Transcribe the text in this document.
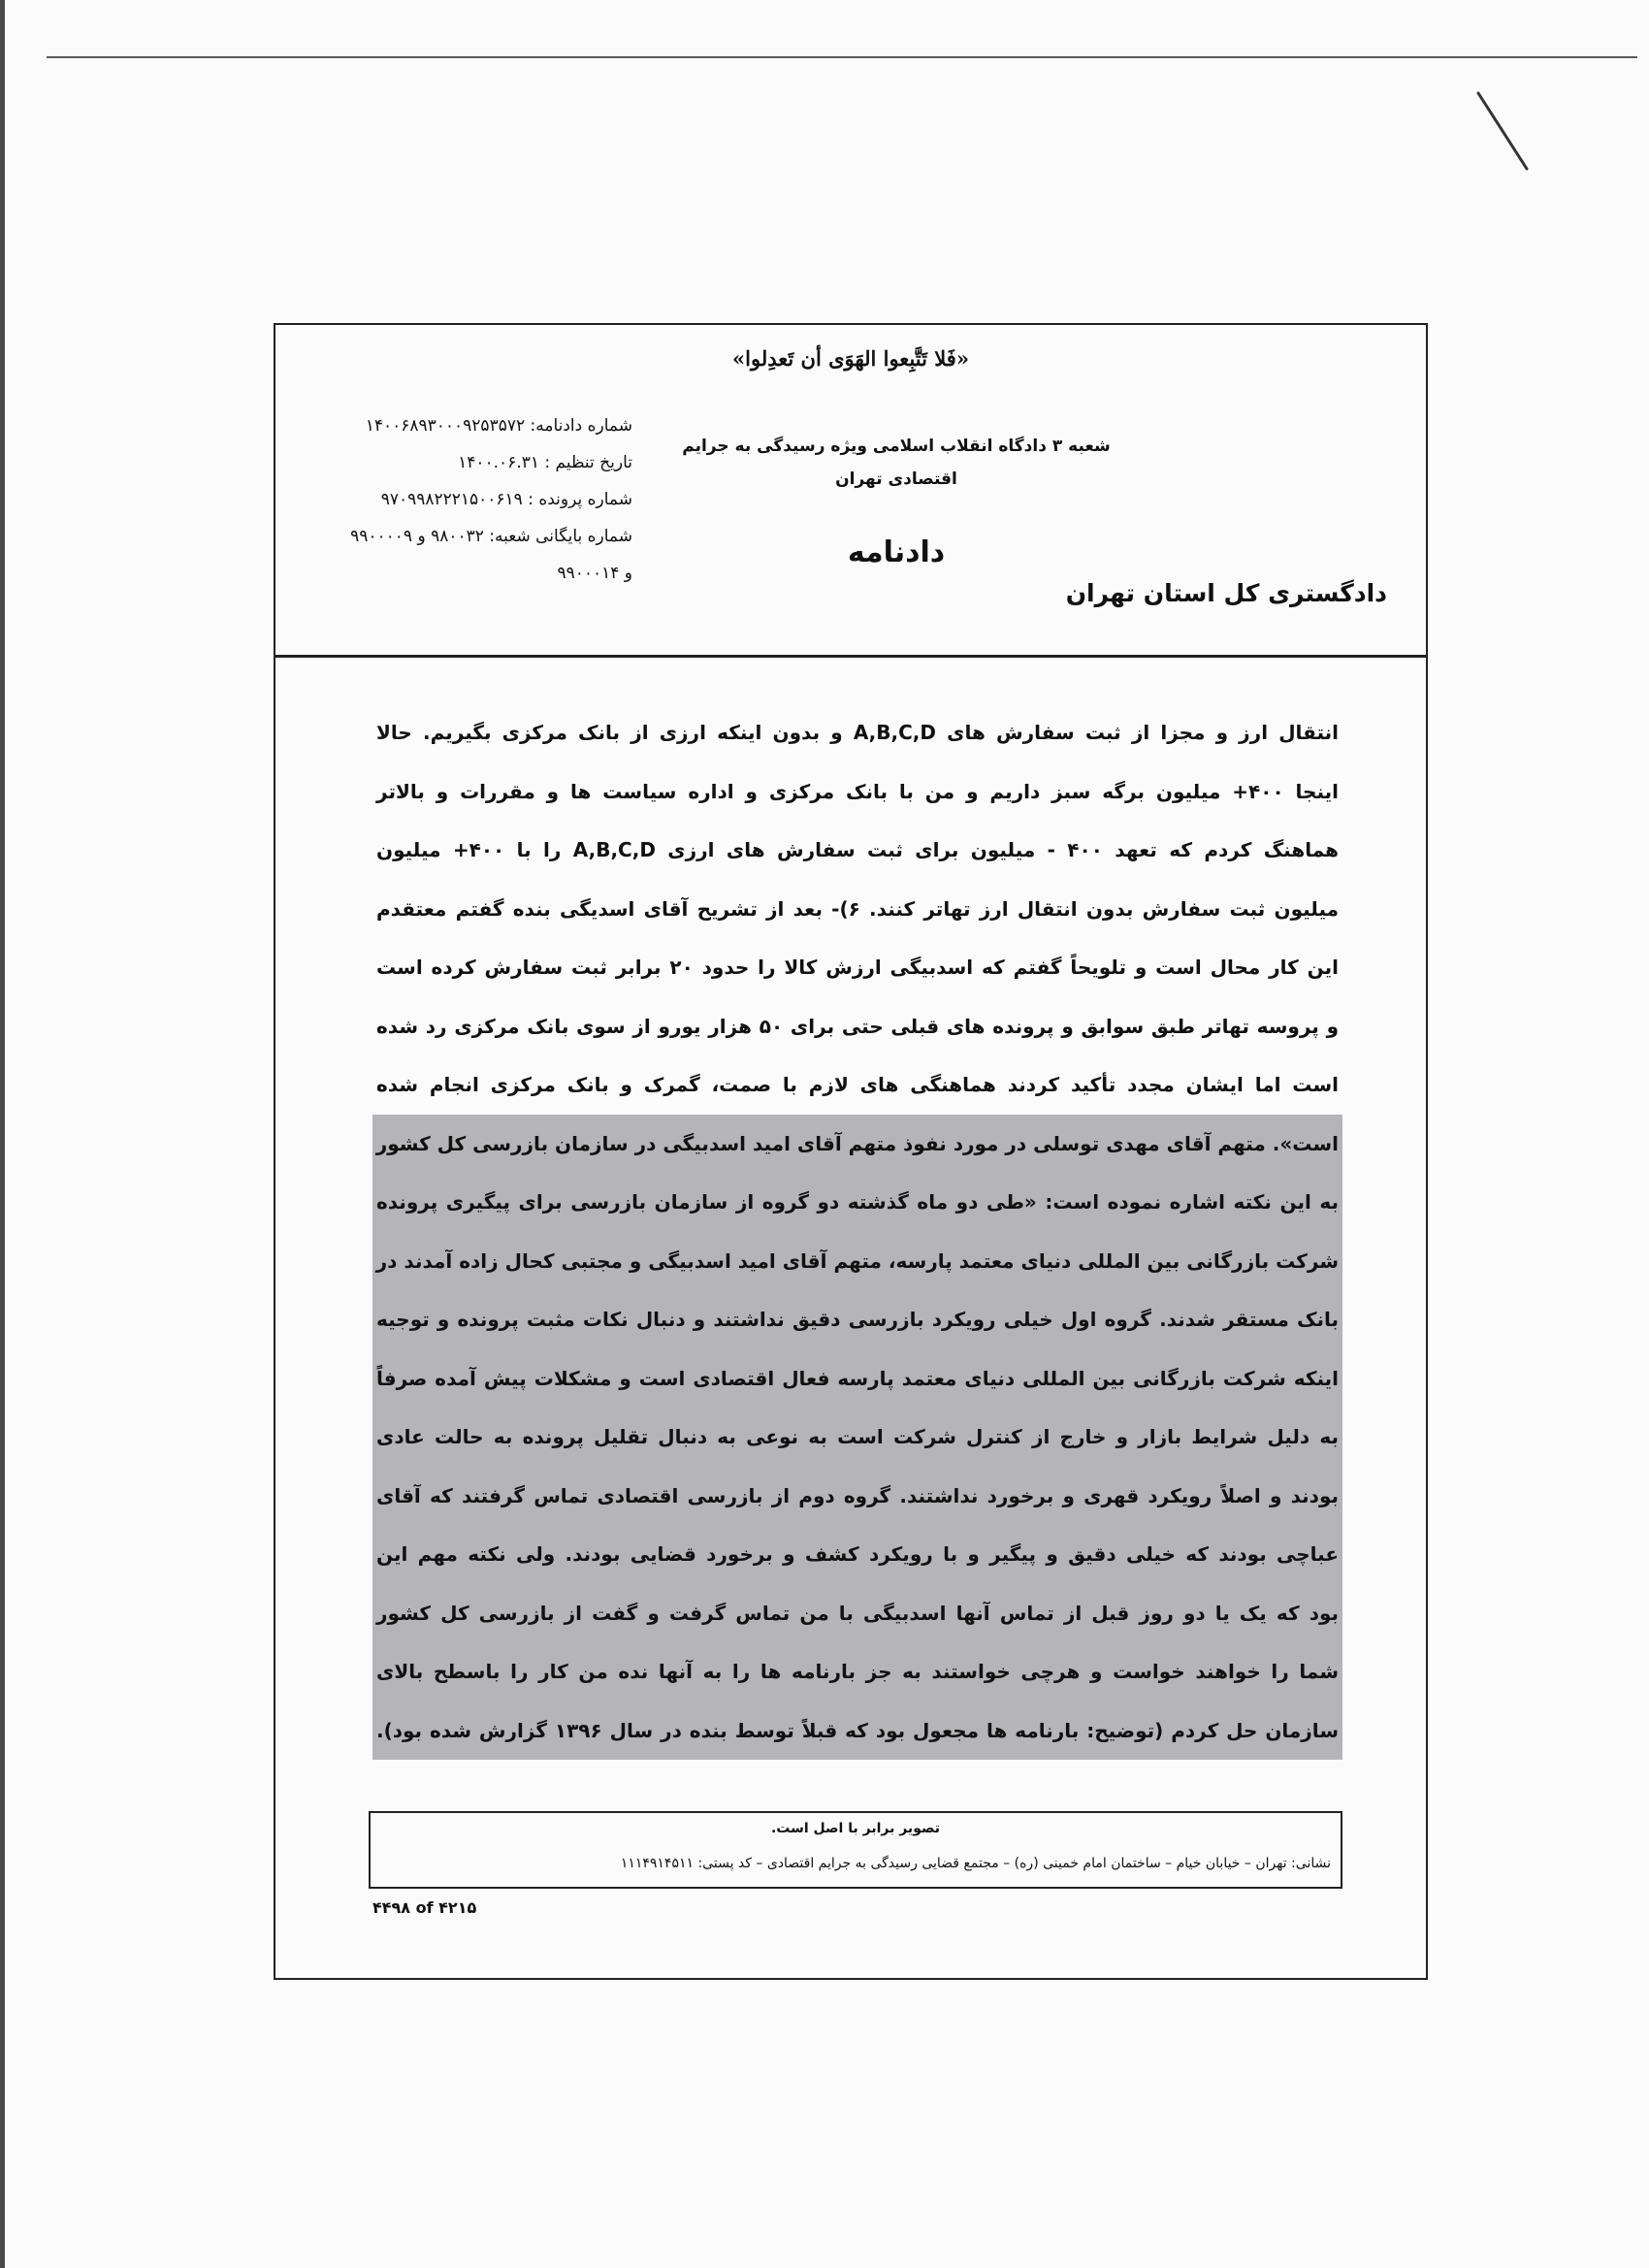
«فَلا تَتَّبِعوا الهَوَى أن تَعدِلوا»
شماره دادنامه: ۱۴۰۰۶۸۹۳۰۰۰۹۲۵۳۵۷۲
تاریخ تنظیم : ۱۴۰۰.۰۶.۳۱
شماره پرونده : ۹۷۰۹۹۸۲۲۲۱۵۰۰۶۱۹
شماره بایگانی شعبه: ۹۸۰۰۳۲ و ۹۹۰۰۰۰۹
و ۹۹۰۰۰۱۴
شعبه ۳ دادگاه انقلاب اسلامی ویژه رسیدگی به جرایم
اقتصادی تهران
دادنامه
دادگستری کل استان تهران
انتقال ارز و مجزا از ثبت سفارش های A,B,C,D و بدون اینکه ارزی از بانک مرکزی بگیریم. حالا
اینجا ۴۰۰+ میلیون برگه سبز داریم و من با بانک مرکزی و اداره سیاست ها و مقررات و بالاتر
هماهنگ کردم که تعهد ۴۰۰ - میلیون برای ثبت سفارش های ارزی A,B,C,D را با ۴۰۰+ میلیون
میلیون ثبت سفارش بدون انتقال ارز تهاتر کنند. ۶)- بعد از تشریح آقای اسدیگی بنده گفتم معتقدم
این کار محال است و تلویحاً گفتم که اسدبیگی ارزش کالا را حدود ۲۰ برابر ثبت سفارش کرده است
و پروسه تهاتر طبق سوابق و پرونده های قبلی حتی برای ۵۰ هزار یورو از سوی بانک مرکزی رد شده
است اما ایشان مجدد تأکید کردند هماهنگی های لازم با صمت، گمرک و بانک مرکزی انجام شده
است». متهم آقای مهدی توسلی در مورد نفوذ متهم آقای امید اسدبیگی در سازمان بازرسی کل کشور
به این نکته اشاره نموده است: «طی دو ماه گذشته دو گروه از سازمان بازرسی برای پیگیری پرونده
شرکت بازرگانی بین المللی دنیای معتمد پارسه، متهم آقای امید اسدبیگی و مجتبی کحال زاده آمدند در
بانک مستقر شدند. گروه اول خیلی رویکرد بازرسی دقیق نداشتند و دنبال نکات مثبت پرونده و توجیه
اینکه شرکت بازرگانی بین المللی دنیای معتمد پارسه فعال اقتصادی است و مشکلات پیش آمده صرفاً
به دلیل شرایط بازار و خارج از کنترل شرکت است به نوعی به دنبال تقلیل پرونده به حالت عادی
بودند و اصلاً رویکرد قهری و برخورد نداشتند. گروه دوم از بازرسی اقتصادی تماس گرفتند که آقای
عباچی بودند که خیلی دقیق و پیگیر و با رویکرد کشف و برخورد قضایی بودند. ولی نکته مهم این
بود که یک یا دو روز قبل از تماس آنها اسدبیگی با من تماس گرفت و گفت از بازرسی کل کشور
شما را خواهند خواست و هرچی خواستند به جز بارنامه ها را به آنها نده من کار را باسطح بالای
سازمان حل کردم (توضیح: بارنامه ها مجعول بود که قبلاً توسط بنده در سال ۱۳۹۶ گزارش شده بود).
تصویر برابر با اصل است.
نشانی: تهران – خیابان خیام – ساختمان امام خمینی (ره) – مجتمع قضایی رسیدگی به جرایم اقتصادی – کد پستی: ۱۱۱۴۹۱۴۵۱۱
۴۴۹۸ of ۴۲۱۵
